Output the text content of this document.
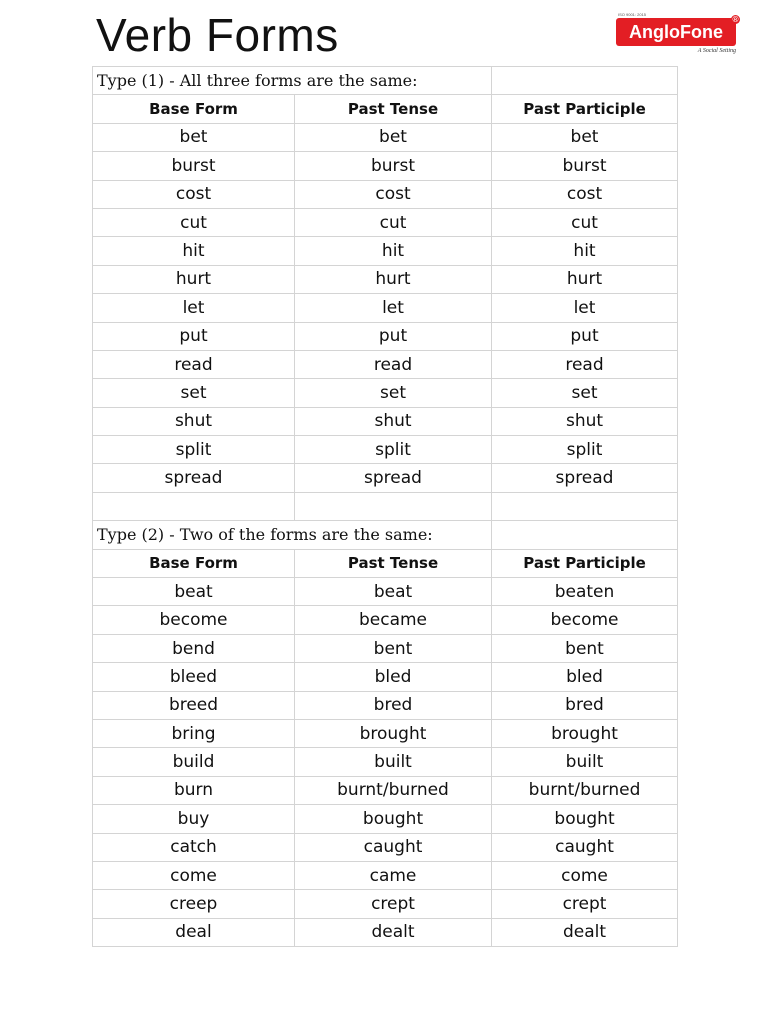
Verb Forms	ISO 9001: 2015
AngloFone
®
A Social Setting
Type (1) - All three forms are the same:		
Base Form	Past Tense	Past Participle
bet	bet	bet
burst	burst	burst
cost	cost	cost
cut	cut	cut
hit	hit	hit
hurt	hurt	hurt
let	let	let
put	put	put
read	read	read
set	set	set
shut	shut	shut
split	split	split
spread	spread	spread

Type (2) - Two of the forms are the same:		
Base Form	Past Tense	Past Participle
beat	beat	beaten
become	became	become
bend	bent	bent
bleed	bled	bled
breed	bred	bred
bring	brought	brought
build	built	built
burn	burnt/burned	burnt/burned
buy	bought	bought
catch	caught	caught
come	came	come
creep	crept	crept
deal	dealt	dealt
